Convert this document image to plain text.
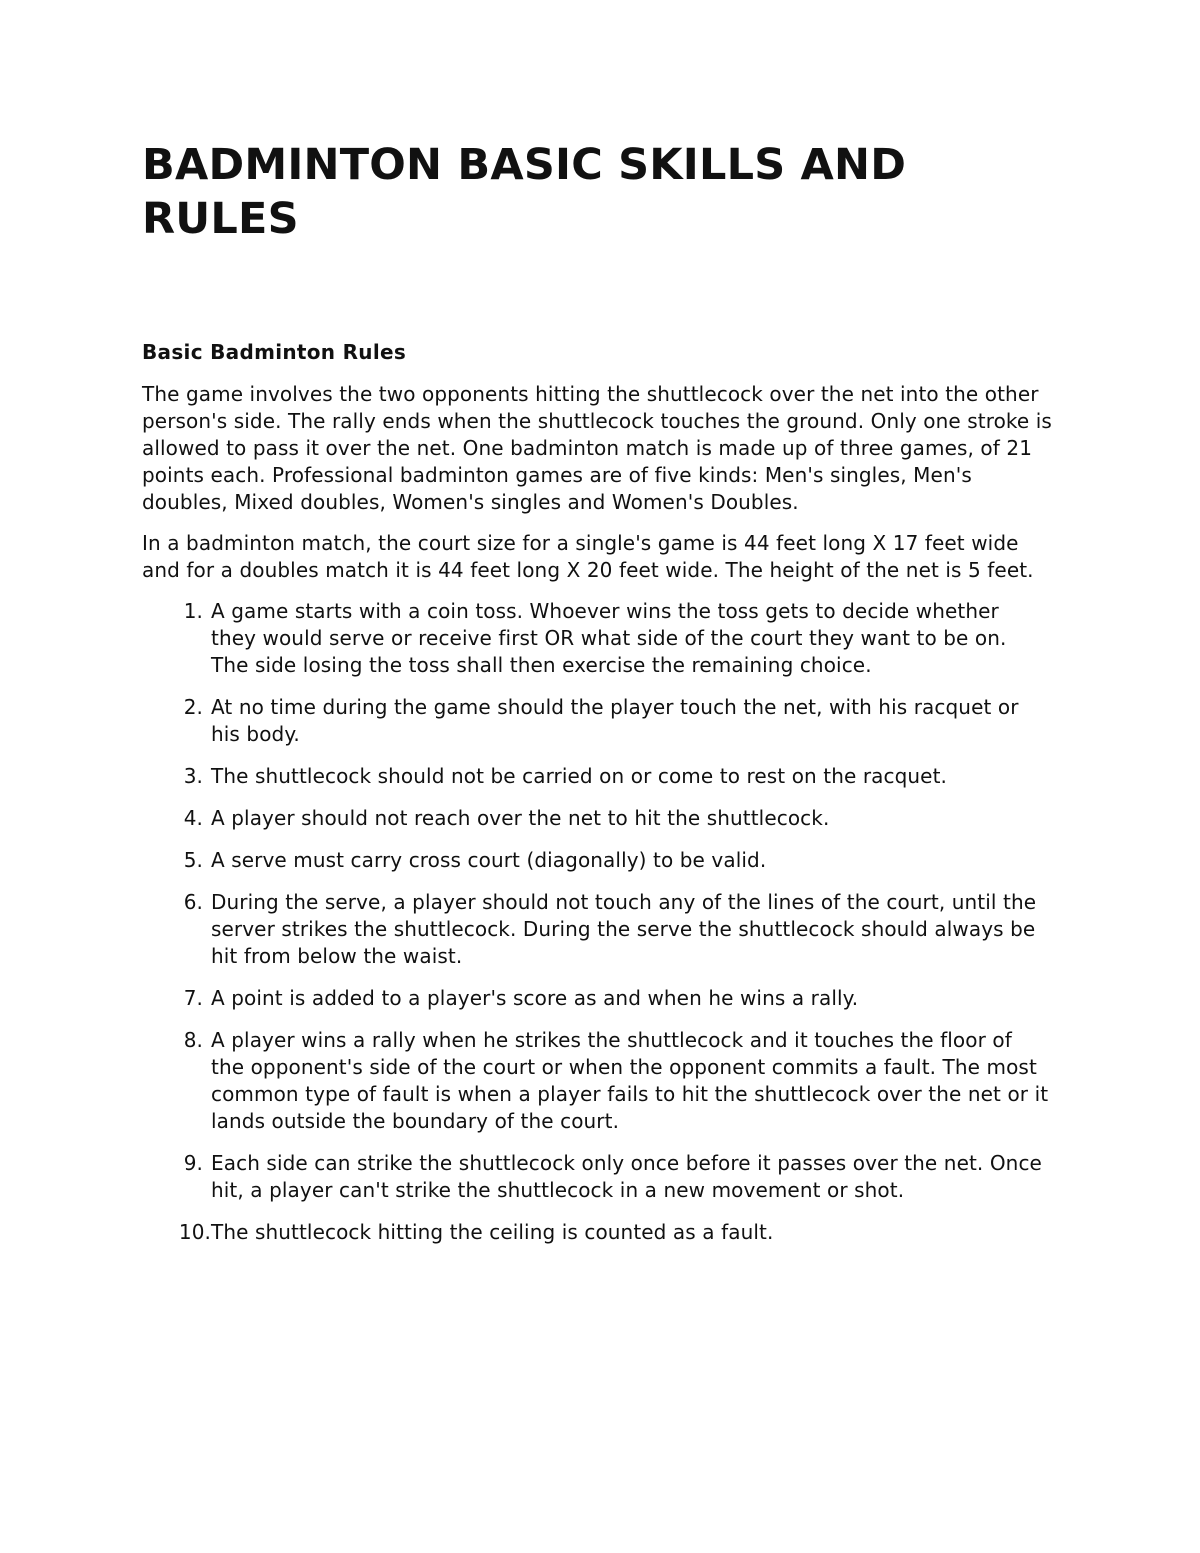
BADMINTON BASIC SKILLS AND RULES
Basic Badminton Rules

The game involves the two opponents hitting the shuttlecock over the net into the other person's side. The rally ends when the shuttlecock touches the ground. Only one stroke is allowed to pass it over the net. One badminton match is made up of three games, of 21 points each. Professional badminton games are of five kinds: Men's singles, Men's doubles, Mixed doubles, Women's singles and Women's Doubles.

In a badminton match, the court size for a single's game is 44 feet long X 17 feet wide and for a doubles match it is 44 feet long X 20 feet wide. The height of the net is 5 feet.

1. A game starts with a coin toss. Whoever wins the toss gets to decide whether they would serve or receive first OR what side of the court they want to be on. The side losing the toss shall then exercise the remaining choice.
2. At no time during the game should the player touch the net, with his racquet or his body.
3. The shuttlecock should not be carried on or come to rest on the racquet.
4. A player should not reach over the net to hit the shuttlecock.
5. A serve must carry cross court (diagonally) to be valid.
6. During the serve, a player should not touch any of the lines of the court, until the server strikes the shuttlecock. During the serve the shuttlecock should always be hit from below the waist.
7. A point is added to a player's score as and when he wins a rally.
8. A player wins a rally when he strikes the shuttlecock and it touches the floor of the opponent's side of the court or when the opponent commits a fault. The most common type of fault is when a player fails to hit the shuttlecock over the net or it lands outside the boundary of the court.
9. Each side can strike the shuttlecock only once before it passes over the net. Once hit, a player can't strike the shuttlecock in a new movement or shot.
10. The shuttlecock hitting the ceiling is counted as a fault.
